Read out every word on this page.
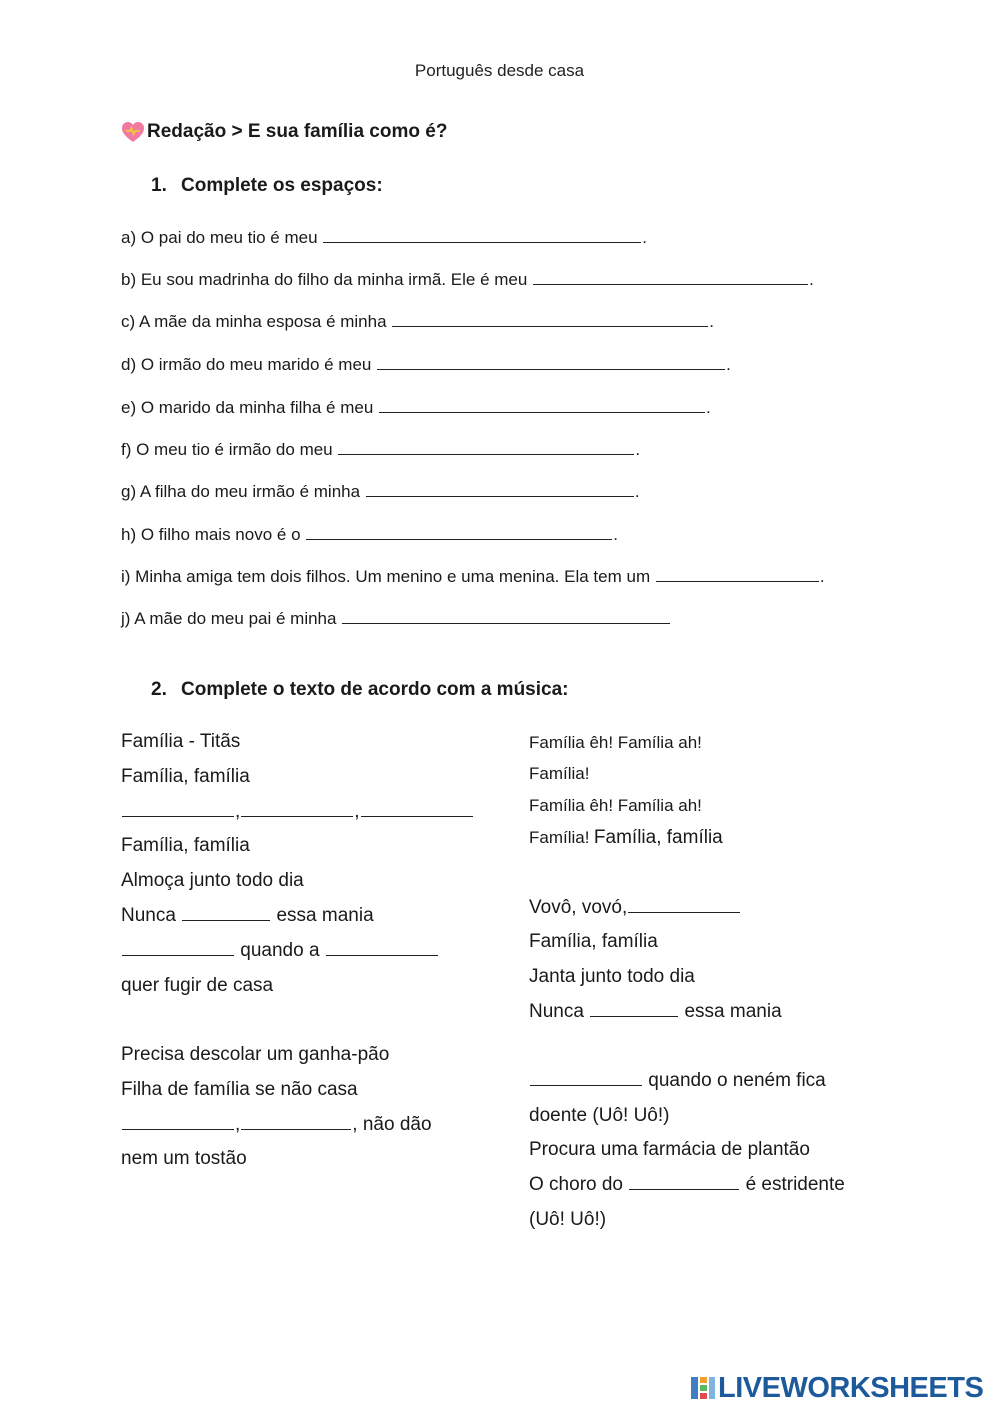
Português desde casa
Redação > E sua família como é?
1. Complete os espaços:
a) O pai do meu tio é meu	.
b) Eu sou madrinha do filho da minha irmã. Ele é meu	.
c) A mãe da minha esposa é minha	.
d) O irmão do meu marido é meu	.
e) O marido da minha filha é meu	.
f) O meu tio é irmão do meu	.
g) A filha do meu irmão é minha	.
h) O filho mais novo é o	.
i) Minha amiga tem dois filhos. Um menino e uma menina. Ela tem um	.
j) A mãe do meu pai é minha
2. Complete o texto de acordo com a música:
Família - Titãs
Família, família
,	,
Família, família
Almoça junto todo dia
Nunca	essa mania
quando a
quer fugir de casa
Precisa descolar um ganha-pão
Filha de família se não casa
,	, não dão
nem um tostão
Família êh! Família ah!
Família!
Família êh! Família ah!
Família! Família, família
Vovô, vovó,
Família, família
Janta junto todo dia
Nunca	essa mania
quando o neném fica
doente (Uô! Uô!)
Procura uma farmácia de plantão
O choro do	é estridente
(Uô! Uô!)
LIVEWORKSHEETS
